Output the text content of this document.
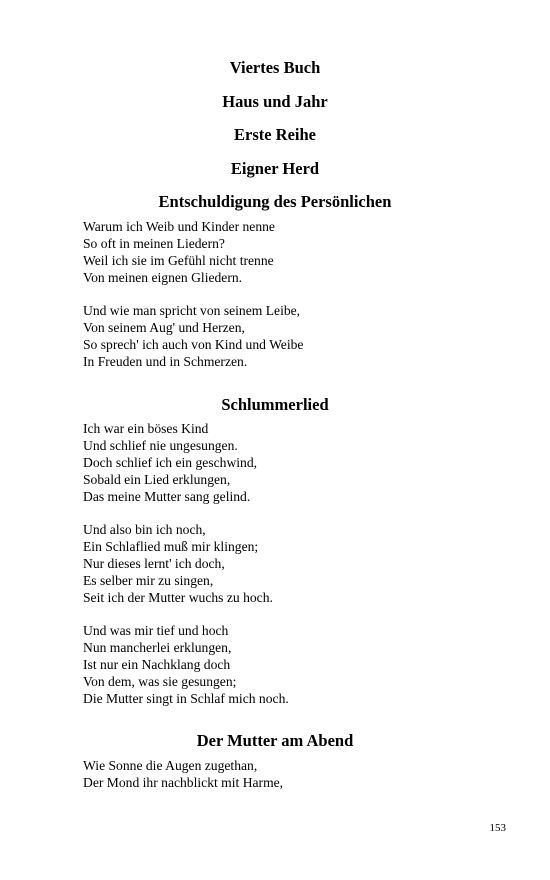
Viertes Buch
Haus und Jahr
Erste Reihe
Eigner Herd
Entschuldigung des Persönlichen
Warum ich Weib und Kinder nenne
So oft in meinen Liedern?
Weil ich sie im Gefühl nicht trenne
Von meinen eignen Gliedern.
Und wie man spricht von seinem Leibe,
Von seinem Aug' und Herzen,
So sprech' ich auch von Kind und Weibe
In Freuden und in Schmerzen.
Schlummerlied
Ich war ein böses Kind
Und schlief nie ungesungen.
Doch schlief ich ein geschwind,
Sobald ein Lied erklungen,
Das meine Mutter sang gelind.
Und also bin ich noch,
Ein Schlaflied muß mir klingen;
Nur dieses lernt' ich doch,
Es selber mir zu singen,
Seit ich der Mutter wuchs zu hoch.
Und was mir tief und hoch
Nun mancherlei erklungen,
Ist nur ein Nachklang doch
Von dem, was sie gesungen;
Die Mutter singt in Schlaf mich noch.
Der Mutter am Abend
Wie Sonne die Augen zugethan,
Der Mond ihr nachblickt mit Harme,
153
